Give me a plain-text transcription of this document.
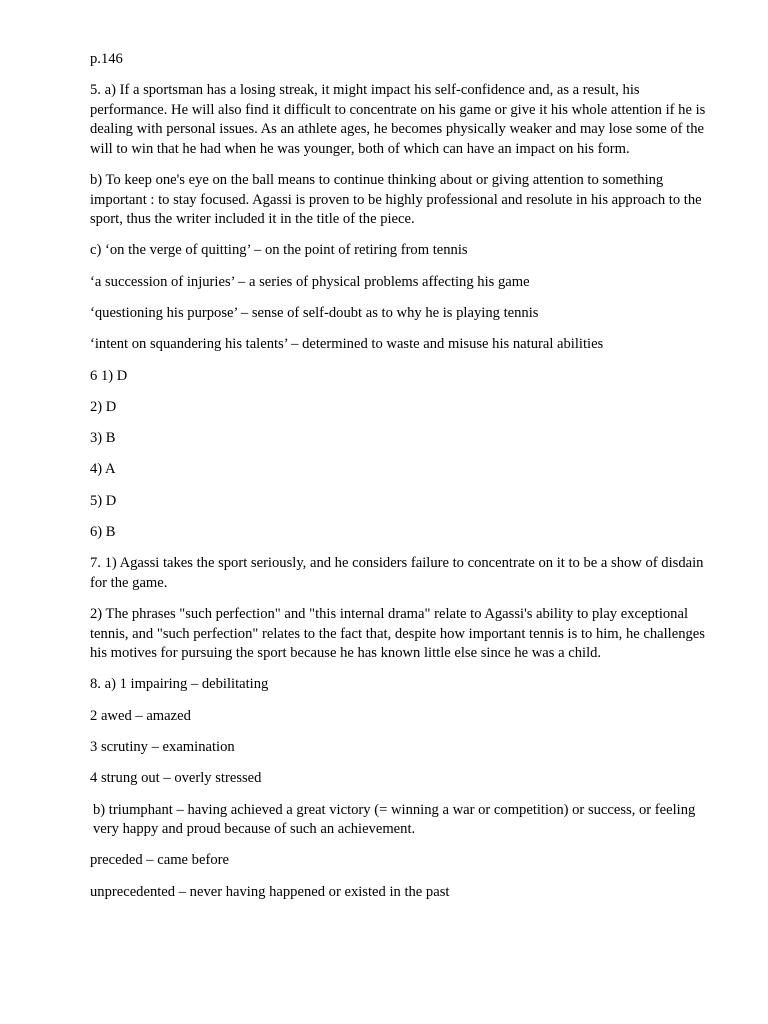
p.146

5. a) If a sportsman has a losing streak, it might impact his self-confidence and, as a result, his performance. He will also find it difficult to concentrate on his game or give it his whole attention if he is dealing with personal issues. As an athlete ages, he becomes physically weaker and may lose some of the will to win that he had when he was younger, both of which can have an impact on his form.

b) To keep one's eye on the ball means to continue thinking about or giving attention to something important : to stay focused. Agassi is proven to be highly professional and resolute in his approach to the sport, thus the writer included it in the title of the piece.

c) ‘on the verge of quitting’ – on the point of retiring from tennis

‘a succession of injuries’ – a series of physical problems affecting his game

‘questioning his purpose’ – sense of self-doubt as to why he is playing tennis

‘intent on squandering his talents’ – determined to waste and misuse his natural abilities

6 1) D

2) D

3) B

4) A

5) D

6) B

7. 1) Agassi takes the sport seriously, and he considers failure to concentrate on it to be a show of disdain for the game.

2) The phrases "such perfection" and "this internal drama" relate to Agassi's ability to play exceptional tennis, and "such perfection" relates to the fact that, despite how important tennis is to him, he challenges his motives for pursuing the sport because he has known little else since he was a child.

8. a) 1 impairing – debilitating

2 awed – amazed

3 scrutiny – examination

4 strung out – overly stressed

b) triumphant – having achieved a great victory (= winning a war or competition) or success, or feeling very happy and proud because of such an achievement.

preceded – came before

unprecedented – never having happened or existed in the past
